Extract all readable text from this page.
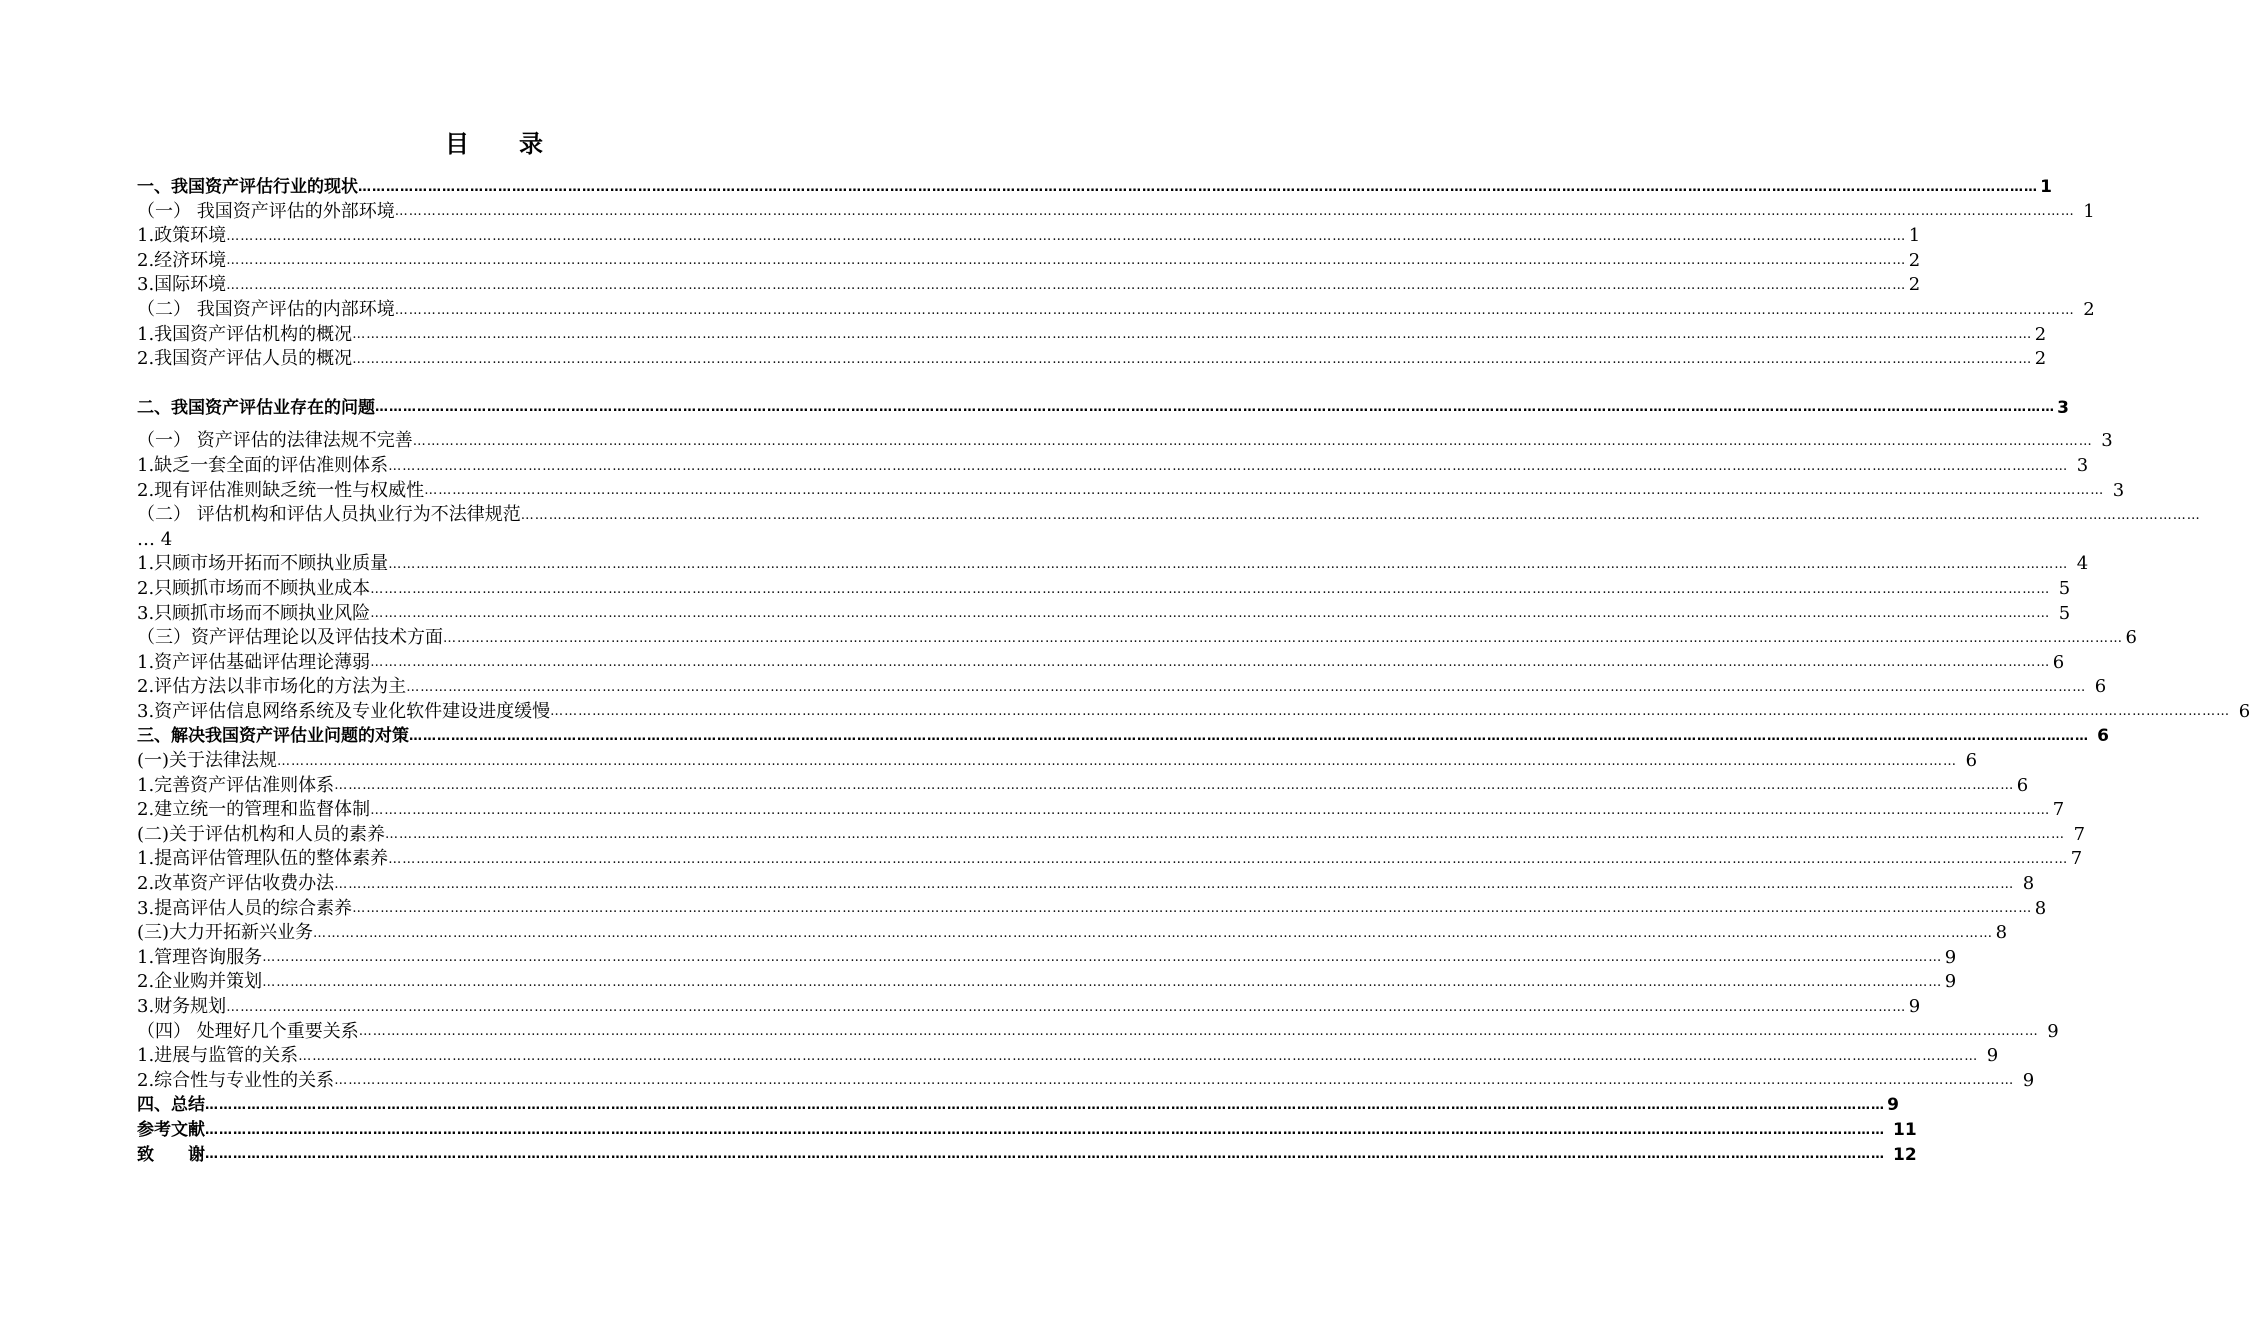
目 录
一、我国资产评估行业的现状 ……………………………………………………………………………………………………………………………………………………………………………………………………………………………………………………………………………………………………………………………… 1
（一） 我国资产评估的外部环境 ……………………………………………………………………………………………………………………………………………………………………………………………………………………………………………………………………………………………………………………………… 1
1.政策环境 ……………………………………………………………………………………………………………………………………………………………………………………………………………………………………………………………………………………………………………………………… 1
2.经济环境 ……………………………………………………………………………………………………………………………………………………………………………………………………………………………………………………………………………………………………………………………… 2
3.国际环境 ……………………………………………………………………………………………………………………………………………………………………………………………………………………………………………………………………………………………………………………………… 2
（二） 我国资产评估的内部环境 ……………………………………………………………………………………………………………………………………………………………………………………………………………………………………………………………………………………………………………………………… 2
1.我国资产评估机构的概况 ……………………………………………………………………………………………………………………………………………………………………………………………………………………………………………………………………………………………………………………………… 2
2.我国资产评估人员的概况 ……………………………………………………………………………………………………………………………………………………………………………………………………………………………………………………………………………………………………………………………… 2
二、我国资产评估业存在的问题 ……………………………………………………………………………………………………………………………………………………………………………………………………………………………………………………………………………………………………………………………… 3
（一） 资产评估的法律法规不完善 ……………………………………………………………………………………………………………………………………………………………………………………………………………………………………………………………………………………………………………………………… 3
1.缺乏一套全面的评估准则体系 ……………………………………………………………………………………………………………………………………………………………………………………………………………………………………………………………………………………………………………………………… 3
2.现有评估准则缺乏统一性与权威性 ……………………………………………………………………………………………………………………………………………………………………………………………………………………………………………………………………………………………………………………………… 3
（二） 评估机构和评估人员执业行为不法律规范 ………………………………………………………………………………………………………………………………………………………………………………………………………………………………………………………………………………………………………………………………
… 4
1.只顾市场开拓而不顾执业质量 ……………………………………………………………………………………………………………………………………………………………………………………………………………………………………………………………………………………………………………………………… 4
2.只顾抓市场而不顾执业成本 ……………………………………………………………………………………………………………………………………………………………………………………………………………………………………………………………………………………………………………………………… 5
3.只顾抓市场而不顾执业风险 ……………………………………………………………………………………………………………………………………………………………………………………………………………………………………………………………………………………………………………………………… 5
（三）资产评估理论以及评估技术方面 ……………………………………………………………………………………………………………………………………………………………………………………………………………………………………………………………………………………………………………………………… 6
1.资产评估基础评估理论薄弱 ……………………………………………………………………………………………………………………………………………………………………………………………………………………………………………………………………………………………………………………………… 6
2.评估方法以非市场化的方法为主 ……………………………………………………………………………………………………………………………………………………………………………………………………………………………………………………………………………………………………………………………… 6
3.资产评估信息网络系统及专业化软件建设进度缓慢 ……………………………………………………………………………………………………………………………………………………………………………………………………………………………………………………………………………………………………………………………… 6
三、解决我国资产评估业问题的对策 ……………………………………………………………………………………………………………………………………………………………………………………………………………………………………………………………………………………………………………………………… 6
(一)关于法律法规 ……………………………………………………………………………………………………………………………………………………………………………………………………………………………………………………………………………………………………………………………… 6
1.完善资产评估准则体系 ……………………………………………………………………………………………………………………………………………………………………………………………………………………………………………………………………………………………………………………………… 6
2.建立统一的管理和监督体制 ……………………………………………………………………………………………………………………………………………………………………………………………………………………………………………………………………………………………………………………………… 7
(二)关于评估机构和人员的素养 ……………………………………………………………………………………………………………………………………………………………………………………………………………………………………………………………………………………………………………………………… 7
1.提高评估管理队伍的整体素养 ……………………………………………………………………………………………………………………………………………………………………………………………………………………………………………………………………………………………………………………………… 7
2.改革资产评估收费办法 ……………………………………………………………………………………………………………………………………………………………………………………………………………………………………………………………………………………………………………………………… 8
3.提高评估人员的综合素养 ……………………………………………………………………………………………………………………………………………………………………………………………………………………………………………………………………………………………………………………………… 8
(三)大力开拓新兴业务 ……………………………………………………………………………………………………………………………………………………………………………………………………………………………………………………………………………………………………………………………… 8
1.管理咨询服务 ……………………………………………………………………………………………………………………………………………………………………………………………………………………………………………………………………………………………………………………………… 9
2.企业购并策划 ……………………………………………………………………………………………………………………………………………………………………………………………………………………………………………………………………………………………………………………………… 9
3.财务规划 ……………………………………………………………………………………………………………………………………………………………………………………………………………………………………………………………………………………………………………………………… 9
（四） 处理好几个重要关系 ……………………………………………………………………………………………………………………………………………………………………………………………………………………………………………………………………………………………………………………………… 9
1.进展与监管的关系 ……………………………………………………………………………………………………………………………………………………………………………………………………………………………………………………………………………………………………………………………… 9
2.综合性与专业性的关系 ……………………………………………………………………………………………………………………………………………………………………………………………………………………………………………………………………………………………………………………………… 9
四、总结 ……………………………………………………………………………………………………………………………………………………………………………………………………………………………………………………………………………………………………………………………… 9
参考文献 ……………………………………………………………………………………………………………………………………………………………………………………………………………………………………………………………………………………………………………………………… 11
致　　谢 ……………………………………………………………………………………………………………………………………………………………………………………………………………………………………………………………………………………………………………………………… 12
